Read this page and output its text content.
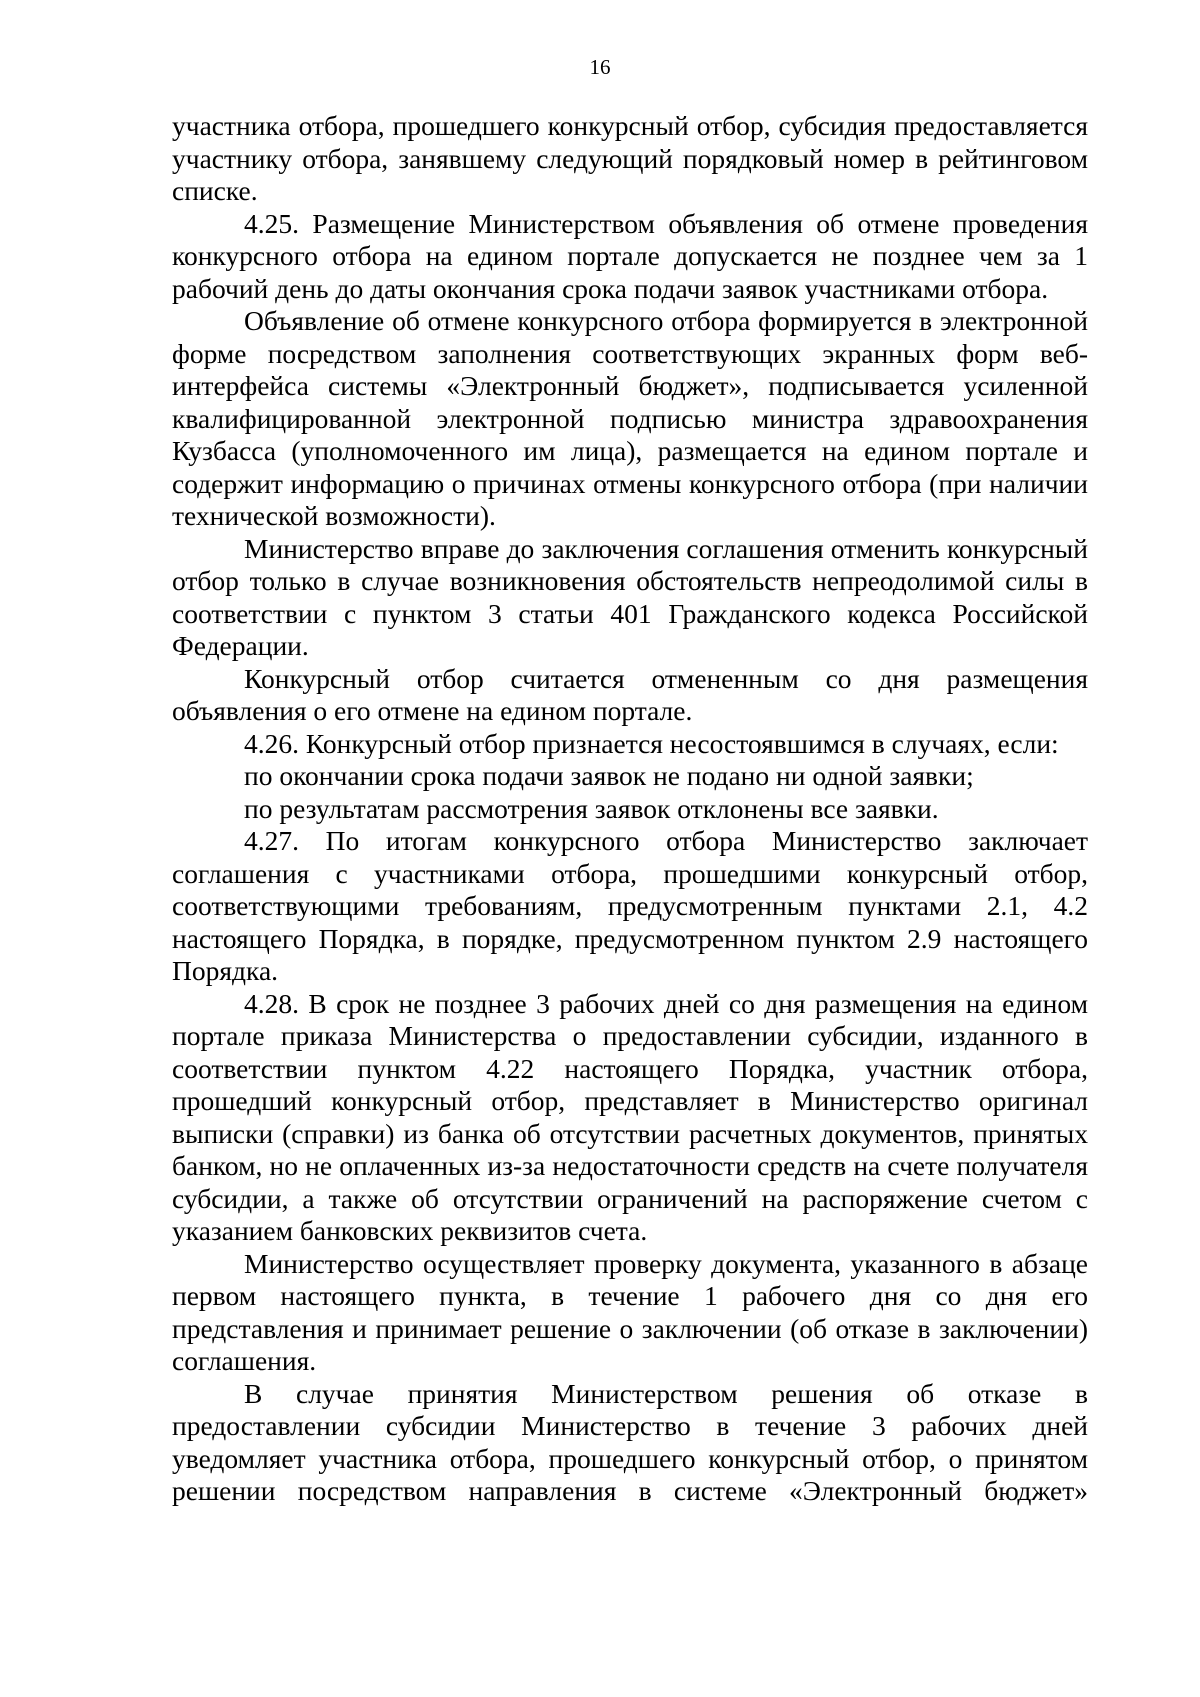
16

участника отбора, прошедшего конкурсный отбор, субсидия предоставляется участнику отбора, занявшему следующий порядковый номер в рейтинговом списке.

4.25. Размещение Министерством объявления об отмене проведения конкурсного отбора на едином портале допускается не позднее чем за 1 рабочий день до даты окончания срока подачи заявок участниками отбора.

Объявление об отмене конкурсного отбора формируется в электронной форме посредством заполнения соответствующих экранных форм веб-интерфейса системы «Электронный бюджет», подписывается усиленной квалифицированной электронной подписью министра здравоохранения Кузбасса (уполномоченного им лица), размещается на едином портале и содержит информацию о причинах отмены конкурсного отбора (при наличии технической возможности).

Министерство вправе до заключения соглашения отменить конкурсный отбор только в случае возникновения обстоятельств непреодолимой силы в соответствии с пунктом 3 статьи 401 Гражданского кодекса Российской Федерации.

Конкурсный отбор считается отмененным со дня размещения объявления о его отмене на едином портале.

4.26. Конкурсный отбор признается несостоявшимся в случаях, если:

по окончании срока подачи заявок не подано ни одной заявки;

по результатам рассмотрения заявок отклонены все заявки.

4.27. По итогам конкурсного отбора Министерство заключает соглашения с участниками отбора, прошедшими конкурсный отбор, соответствующими требованиям, предусмотренным пунктами 2.1, 4.2 настоящего Порядка, в порядке, предусмотренном пунктом 2.9 настоящего Порядка.

4.28. В срок не позднее 3 рабочих дней со дня размещения на едином портале приказа Министерства о предоставлении субсидии, изданного в соответствии пунктом 4.22 настоящего Порядка, участник отбора, прошедший конкурсный отбор, представляет в Министерство оригинал выписки (справки) из банка об отсутствии расчетных документов, принятых банком, но не оплаченных из-за недостаточности средств на счете получателя субсидии, а также об отсутствии ограничений на распоряжение счетом с указанием банковских реквизитов счета.

Министерство осуществляет проверку документа, указанного в абзаце первом настоящего пункта, в течение 1 рабочего дня со дня его представления и принимает решение о заключении (об отказе в заключении) соглашения.

В случае принятия Министерством решения об отказе в предоставлении субсидии Министерство в течение 3 рабочих дней уведомляет участника отбора, прошедшего конкурсный отбор, о принятом решении посредством направления в системе «Электронный бюджет»
